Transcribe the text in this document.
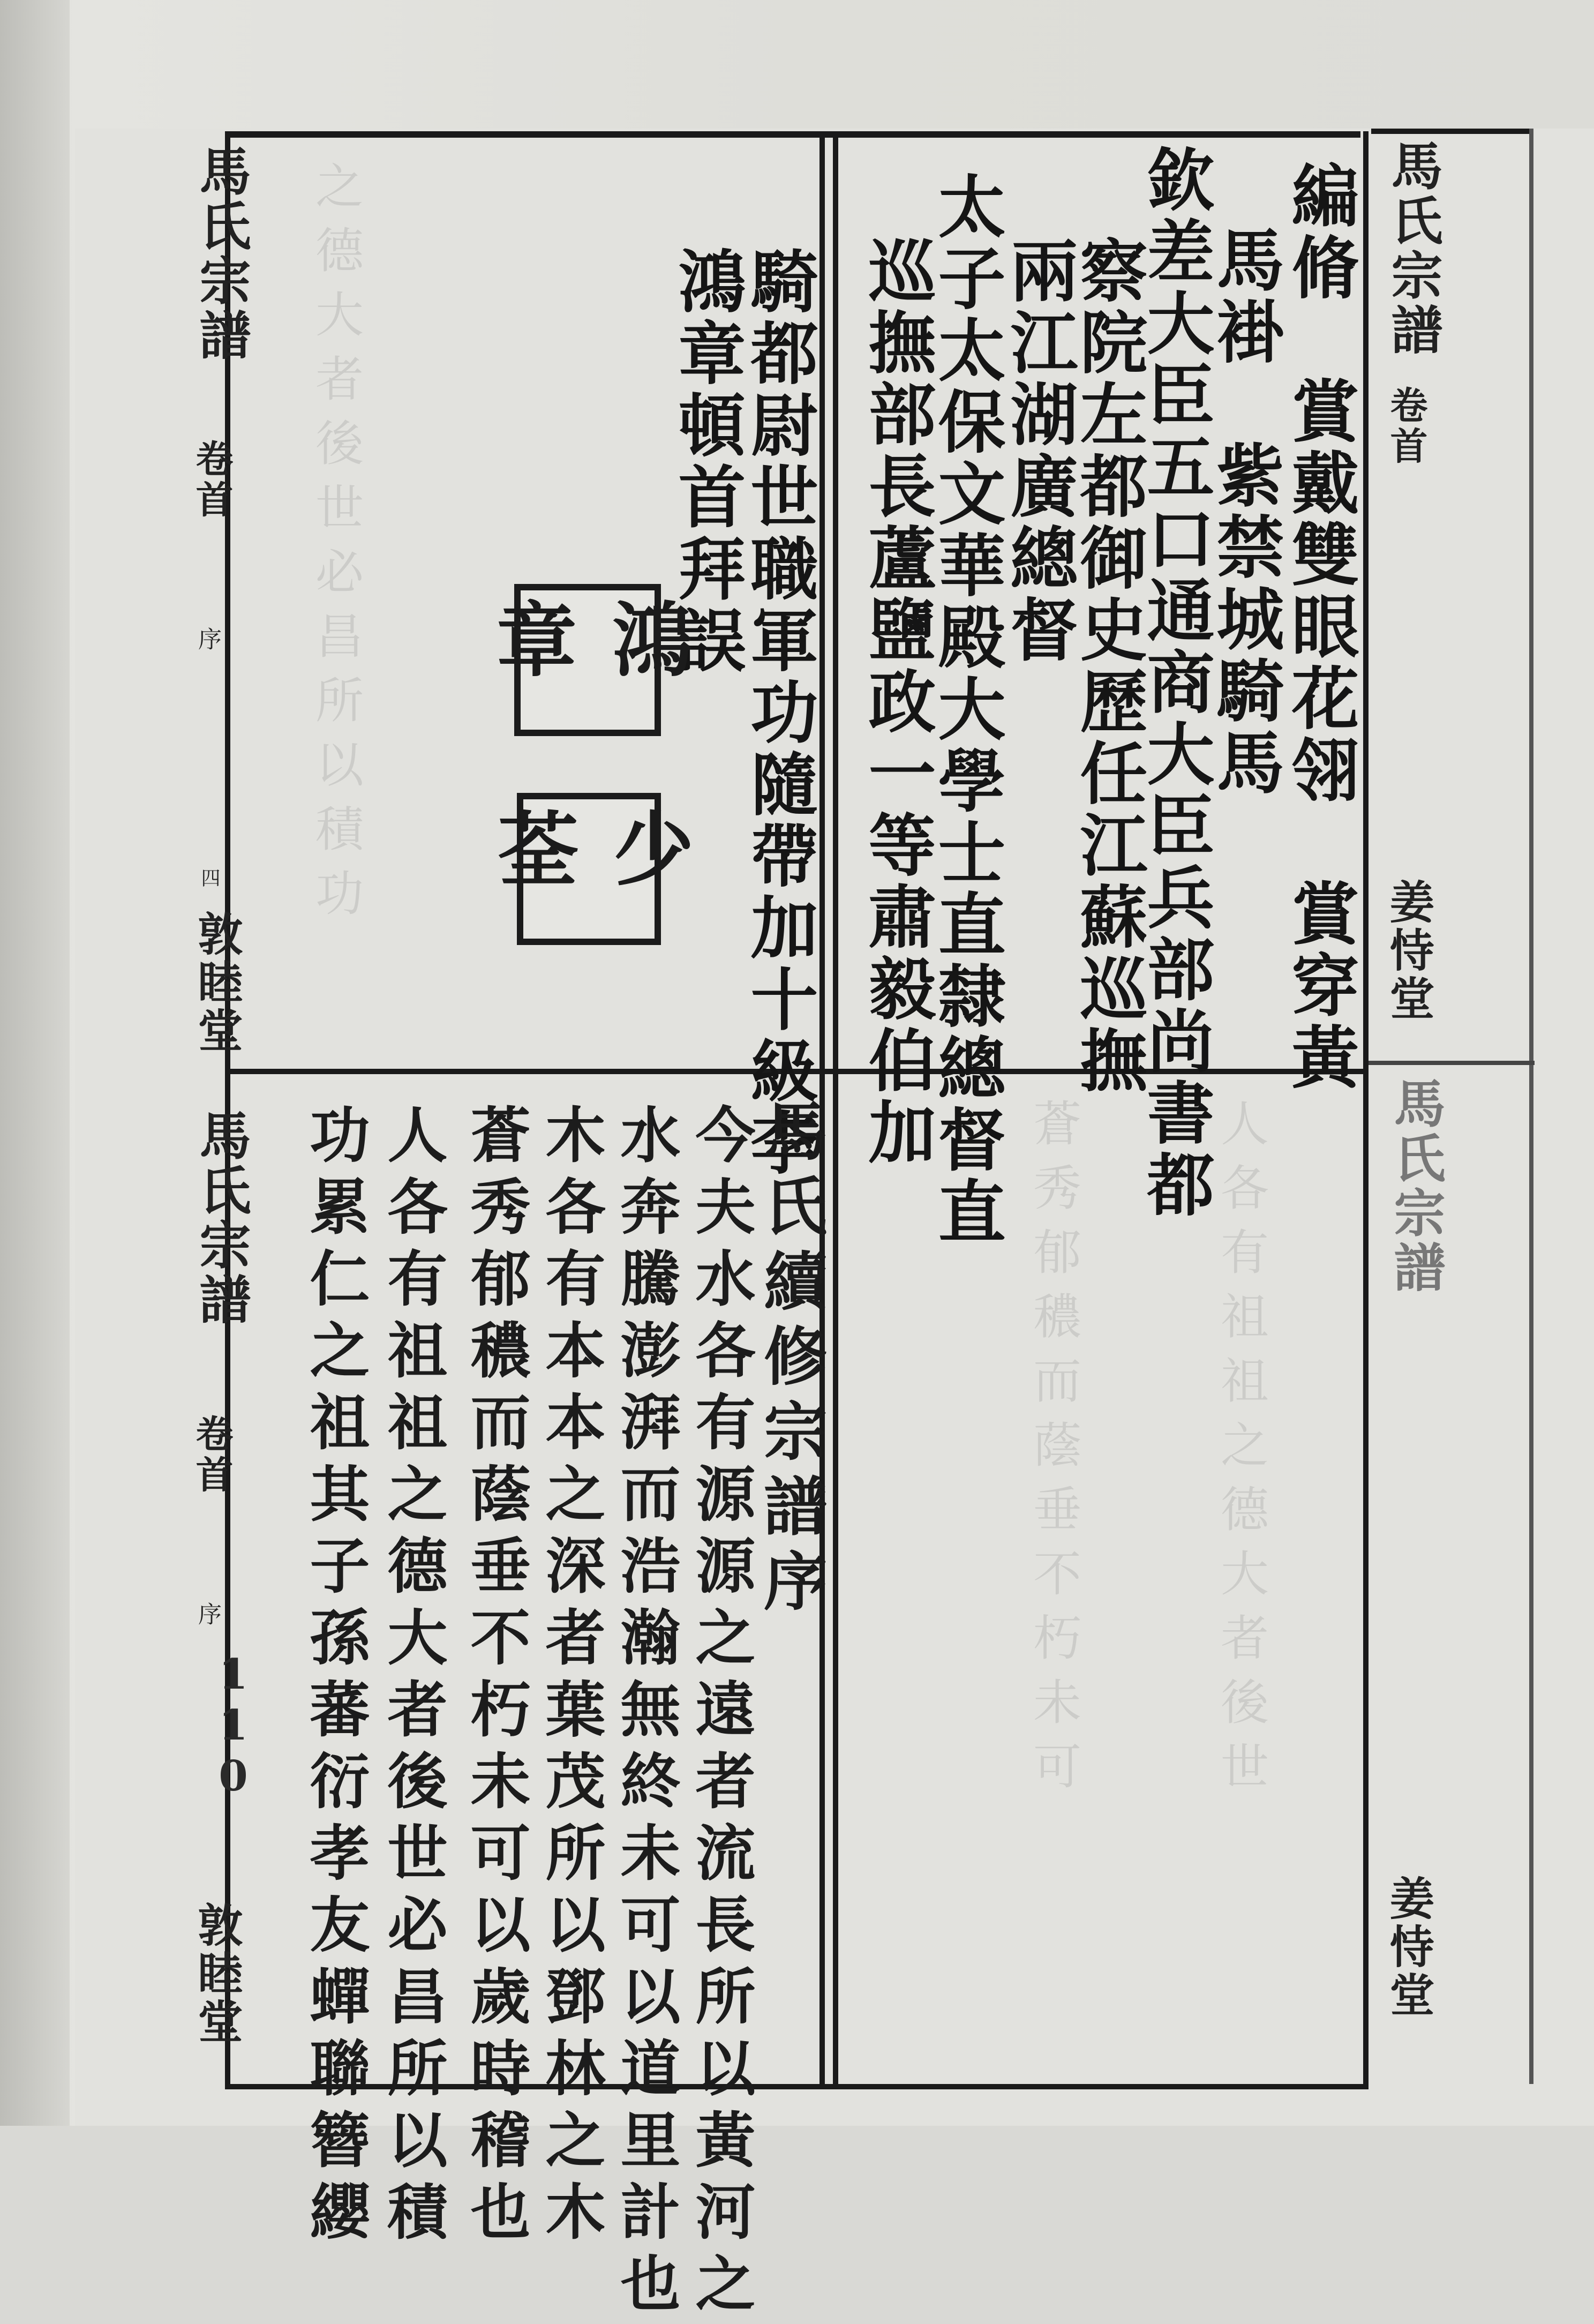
之德大者後世必昌所以積功
蒼秀郁穠而蔭垂不朽未可	人各有祖祖之德大者後世
編脩　賞戴雙眼花翎　賞穿黃
馬褂　紫禁城騎馬
欽差大臣五口通商大臣兵部尚書都
察院左都御史歷任江蘇巡撫
兩江湖廣總督
太子太保文華殿大學士直隸總督直
巡撫部長蘆鹽政一等肅毅伯加
騎都尉世職軍功隨帶加十級李
鴻章頓首拜誤
鴻章
少荃
馬氏續修宗譜序
今夫水各有源源之遠者流長所以黃河之
水奔騰澎湃而浩瀚無終未可以道里計也
木各有本本之深者葉茂所以鄧林之木
蒼秀郁穠而蔭垂不朽未可以歲時稽也
人各有祖祖之德大者後世必昌所以積
功累仁之祖其子孫蕃衍孝友蟬聯簪纓
馬氏宗譜
卷首
序
四
敦睦堂
馬氏宗譜
卷首
序
敦睦堂
110
馬氏宗譜
卷首
姜恃堂
馬氏宗譜
姜恃堂
